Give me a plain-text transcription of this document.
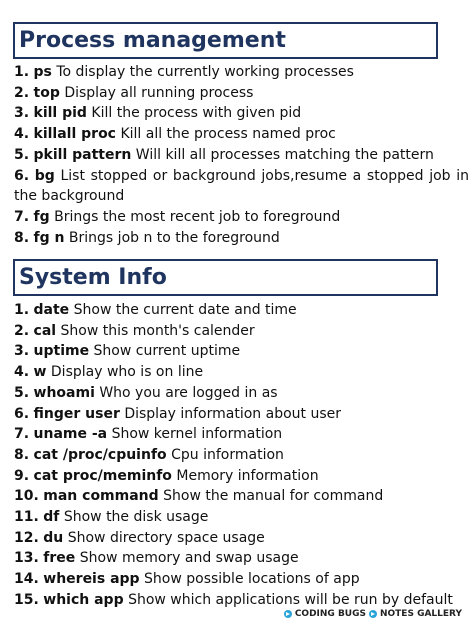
Process management
1. ps To display the currently working processes
2. top Display all running process
3. kill pid Kill the process with given pid
4. killall proc Kill all the process named proc
5. pkill pattern Will kill all processes matching the pattern
6. bg List stopped or background jobs,resume a stopped job in the background
7. fg Brings the most recent job to foreground
8. fg n Brings job n to the foreground
System Info
1. date Show the current date and time
2. cal Show this month's calender
3. uptime Show current uptime
4. w Display who is on line
5. whoami Who you are logged in as
6. finger user Display information about user
7. uname -a Show kernel information
8. cat /proc/cpuinfo Cpu information
9. cat proc/meminfo Memory information
10. man command Show the manual for command
11. df Show the disk usage
12. du Show directory space usage
13. free Show memory and swap usage
14. whereis app Show possible locations of app
15. which app Show which applications will be run by default
CODING BUGS NOTES GALLERY
